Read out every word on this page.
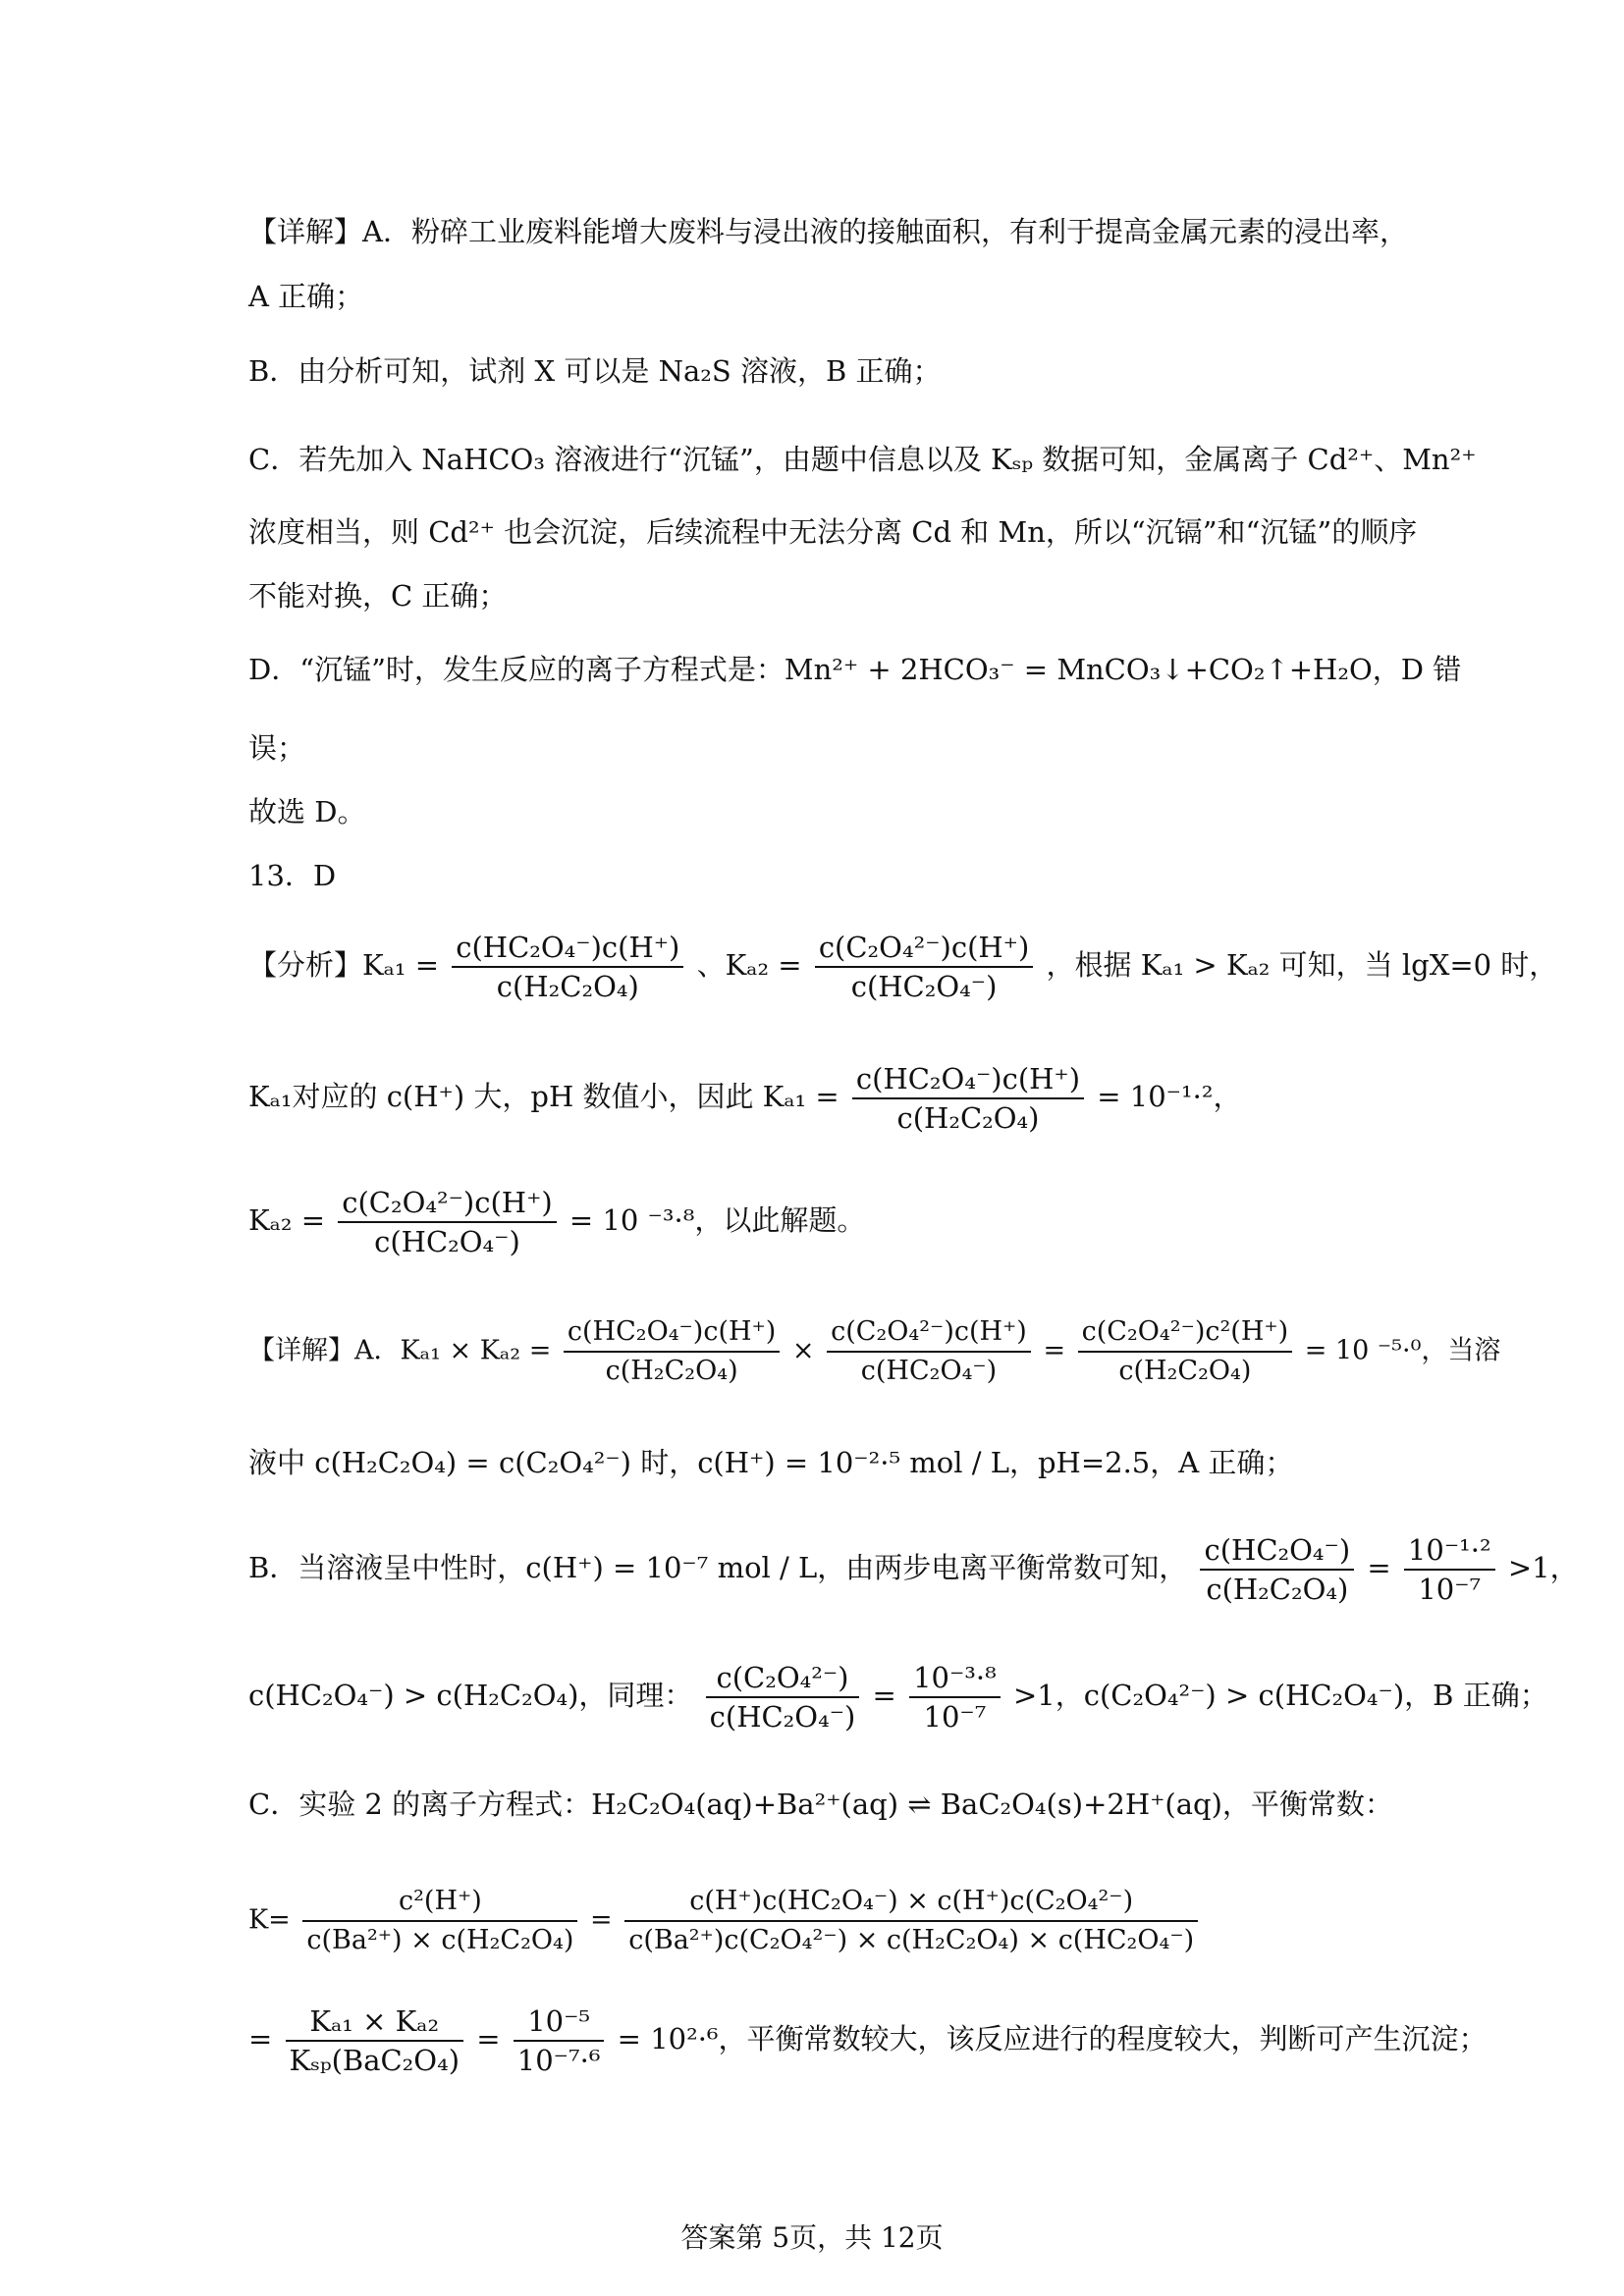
【详解】A．粉碎工业废料能增大废料与浸出液的接触面积，有利于提高金属元素的浸出率，
A 正确；
B．由分析可知，试剂 X 可以是 Na₂S 溶液，B 正确；
C．若先加入 NaHCO₃ 溶液进行“沉锰”，由题中信息以及 Kₛₚ 数据可知，金属离子 Cd²⁺、Mn²⁺
浓度相当，则 Cd²⁺ 也会沉淀，后续流程中无法分离 Cd 和 Mn，所以“沉镉”和“沉锰”的顺序
不能对换，C 正确；
D．“沉锰”时，发生反应的离子方程式是：Mn²⁺ + 2HCO₃⁻ = MnCO₃↓+CO₂↑+H₂O，D 错
误；
故选 D。
13．D
【分析】$K_{a1} = \frac{\text{c(HC₂O₄⁻)c(H⁺)}}{\text{c(H₂C₂O₄)}}$ 、$K_{a2} = \frac{\text{c(C₂O₄²⁻)c(H⁺)}}{\text{c(HC₂O₄⁻)}}$ ，根据 Kₐ₁ > Kₐ₂ 可知，当 lgX=0 时，
Kₐ₁对应的 c(H⁺) 大，pH 数值小，因此 $K_{a1} = \frac{\text{c(HC₂O₄⁻)c(H⁺)}}{\text{c(H₂C₂O₄)}} = 10^{-1}\cdot^2$，
$K_{a2} = \frac{\text{c(C₂O₄²⁻)c(H⁺)}}{\text{c(HC₂O₄⁻)}} = 10$ ⁻³·⁸，以此解题。
【详解】A．$K_{a1} \times K_{a2} = \frac{\text{c(HC₂O₄⁻)c(H⁺)}}{\text{c(H₂C₂O₄)}} \times \frac{\text{c(C₂O₄²⁻)c(H⁺)}}{\text{c(HC₂O₄⁻)}} = \frac{\text{c(C₂O₄²⁻)c²(H⁺)}}{\text{c(H₂C₂O₄)}} = 10$ ⁻⁵·⁰，当溶
液中 c(H₂C₂O₄) = c(C₂O₄²⁻) 时，c(H⁺) = 10⁻²·⁵ mol / L，pH=2.5，A 正确；
B．当溶液呈中性时，c(H⁺) = 10⁻⁷ mol / L，由两步电离平衡常数可知， $\frac{\text{c(HC₂O₄⁻)}}{\text{c(H₂C₂O₄)}} = \frac{\text{10⁻¹·²}}{\text{10⁻⁷}} >1$，
c(HC₂O₄⁻) > c(H₂C₂O₄)，同理： $\frac{\text{c(C₂O₄²⁻)}}{\text{c(HC₂O₄⁻)}} = \frac{\text{10⁻³·⁸}}{\text{10⁻⁷}} >1$，c(C₂O₄²⁻) > c(HC₂O₄⁻)，B 正确；
C．实验 2 的离子方程式：H₂C₂O₄(aq)+Ba²⁺(aq) ⇌ BaC₂O₄(s)+2H⁺(aq)，平衡常数：
$K= \frac{\text{c²(H⁺)}}{\text{c(Ba²⁺) × c(H₂C₂O₄)}} = \frac{\text{c(H⁺)c(HC₂O₄⁻) × c(H⁺)c(C₂O₄²⁻)}}{\text{c(Ba²⁺)c(C₂O₄²⁻) × c(H₂C₂O₄) × c(HC₂O₄⁻)}}$
= $\frac{\text{Kₐ₁ × Kₐ₂}}{\text{Kₛₚ(BaC₂O₄)}} = \frac{\text{10⁻⁵}}{\text{10⁻⁷·⁶}} = 10^2\cdot^6$，平衡常数较大，该反应进行的程度较大，判断可产生沉淀；
答案第 5页，共 12页
